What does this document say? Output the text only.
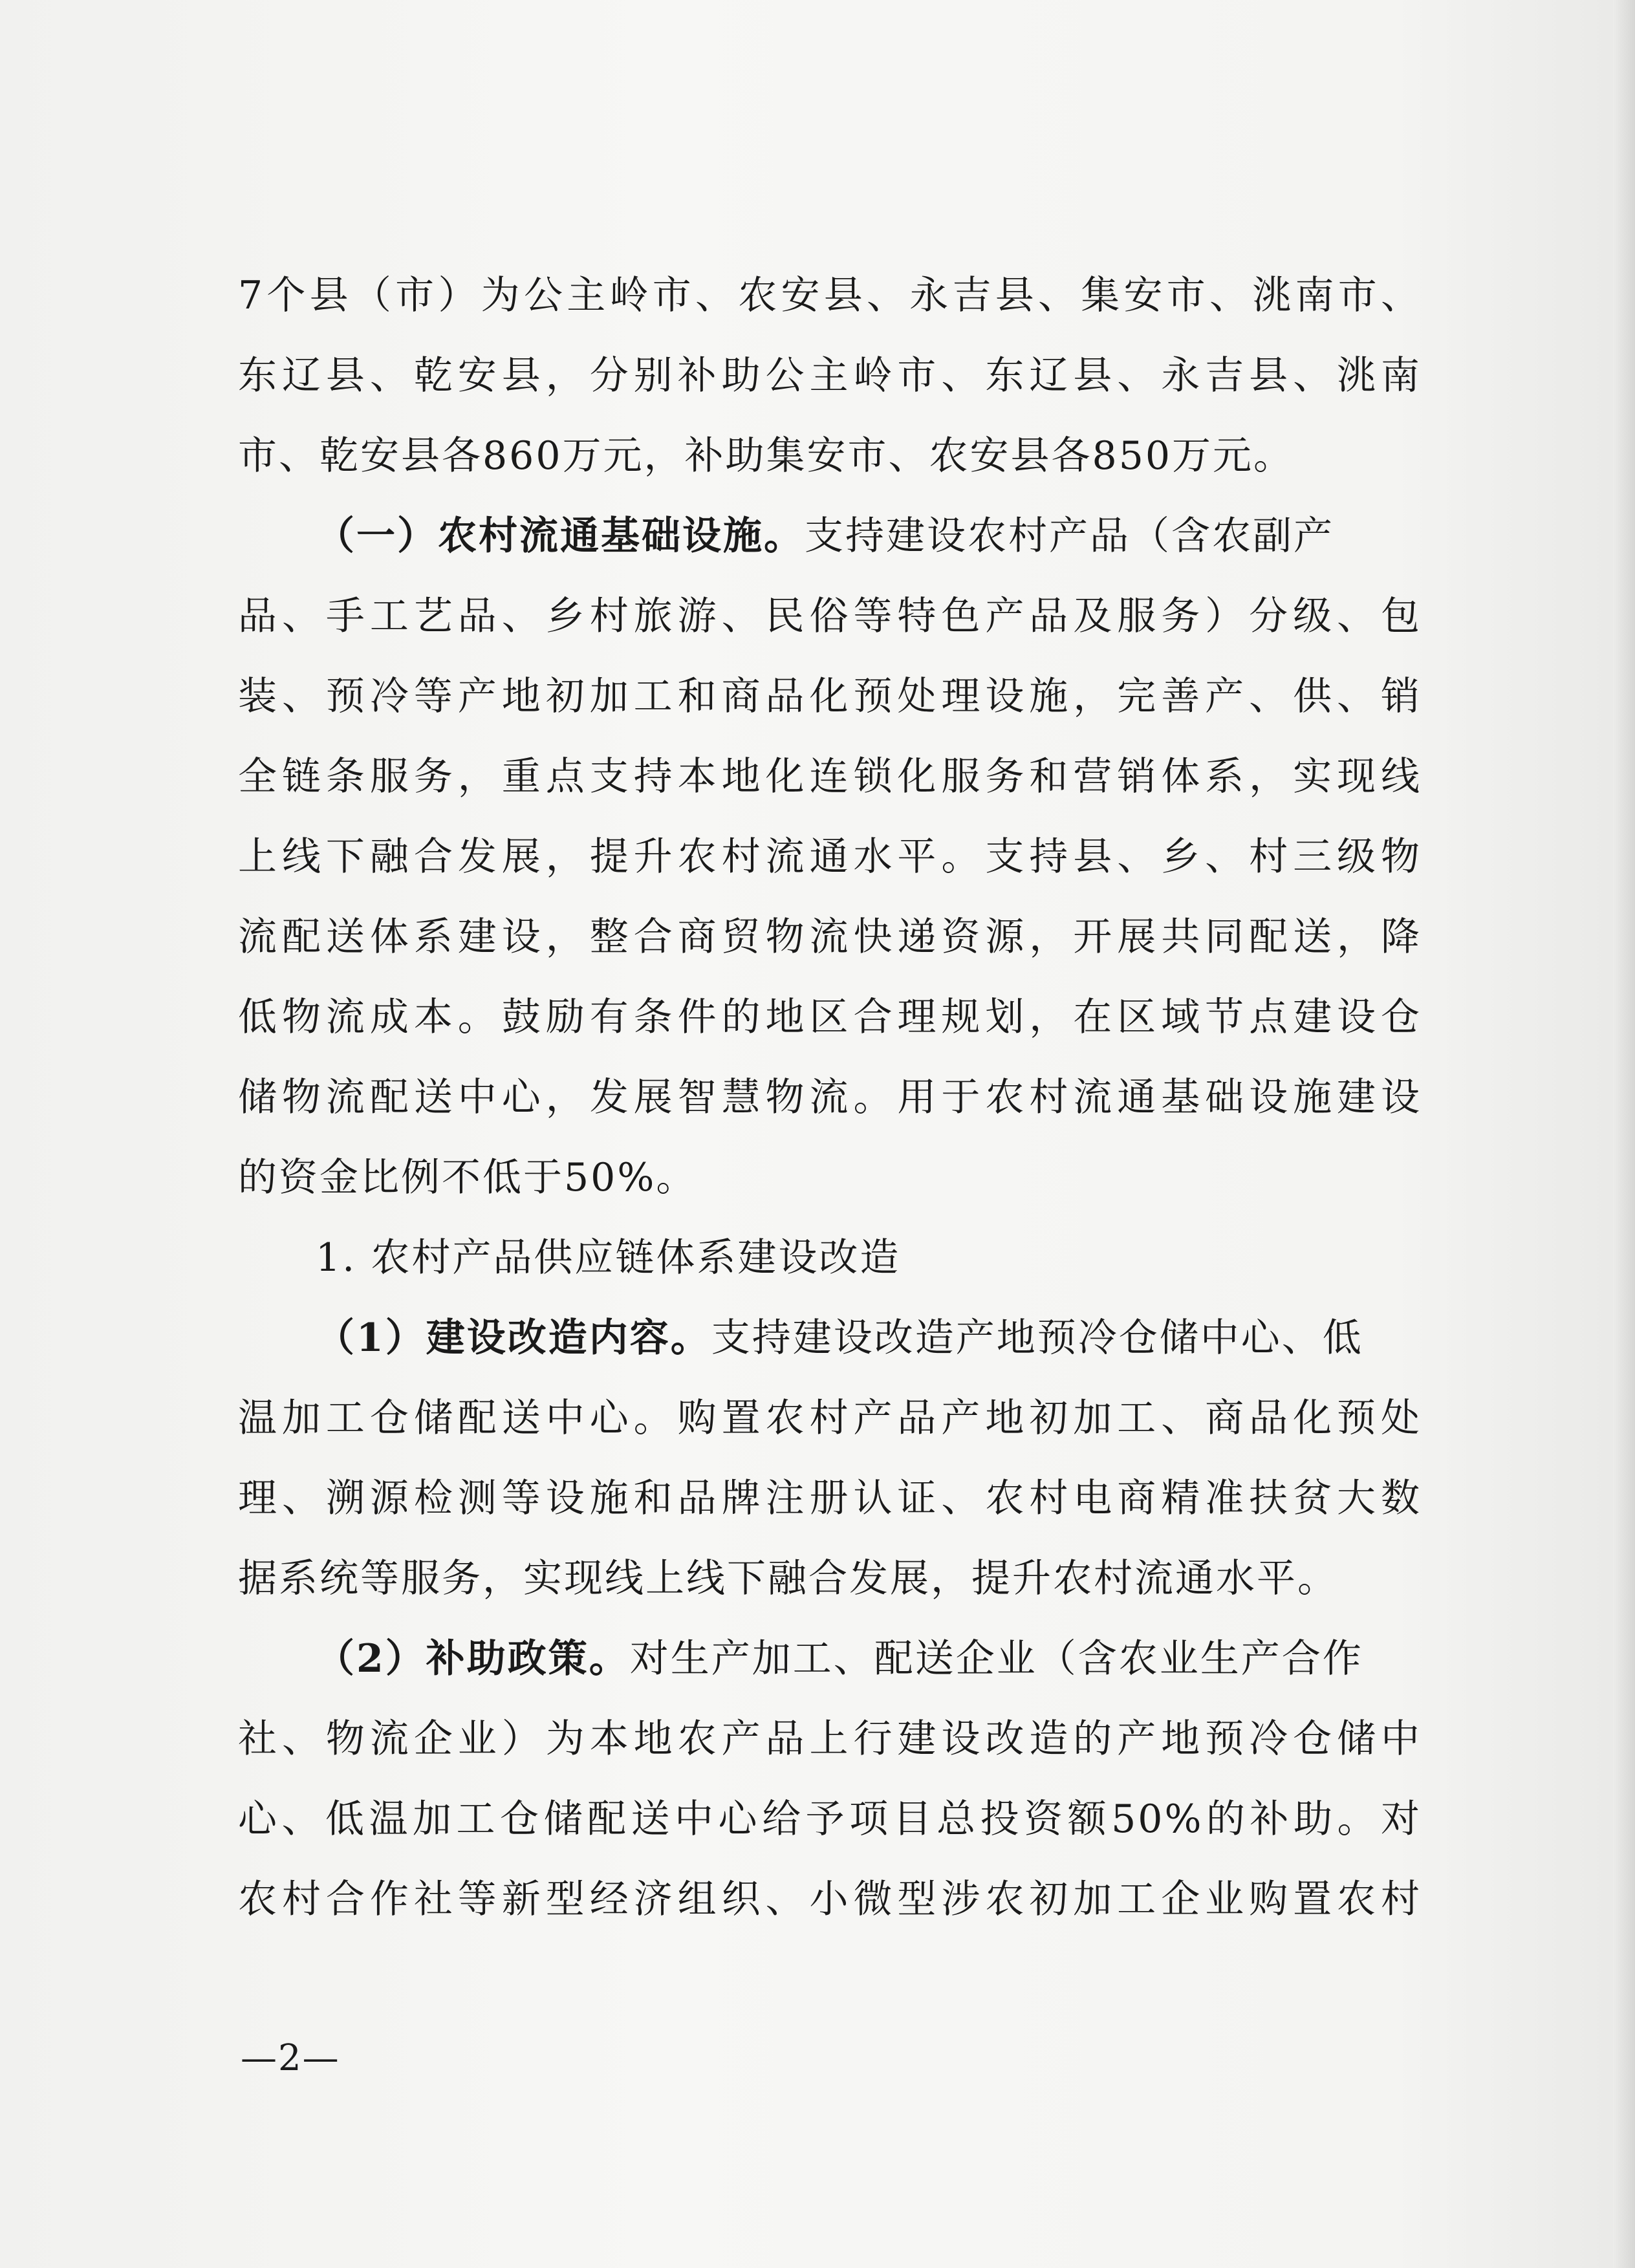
7个县（市）为公主岭市、农安县、永吉县、集安市、洮南市、
东辽县、乾安县，分别补助公主岭市、东辽县、永吉县、洮南
市、乾安县各860万元，补助集安市、农安县各850万元。
（一）农村流通基础设施。支持建设农村产品（含农副产
品、手工艺品、乡村旅游、民俗等特色产品及服务）分级、包
装、预冷等产地初加工和商品化预处理设施，完善产、供、销
全链条服务，重点支持本地化连锁化服务和营销体系，实现线
上线下融合发展，提升农村流通水平。支持县、乡、村三级物
流配送体系建设，整合商贸物流快递资源，开展共同配送，降
低物流成本。鼓励有条件的地区合理规划，在区域节点建设仓
储物流配送中心，发展智慧物流。用于农村流通基础设施建设
的资金比例不低于50%。
1. 农村产品供应链体系建设改造
（1）建设改造内容。支持建设改造产地预冷仓储中心、低
温加工仓储配送中心。购置农村产品产地初加工、商品化预处
理、溯源检测等设施和品牌注册认证、农村电商精准扶贫大数
据系统等服务，实现线上线下融合发展，提升农村流通水平。
（2）补助政策。对生产加工、配送企业（含农业生产合作
社、物流企业）为本地农产品上行建设改造的产地预冷仓储中
心、低温加工仓储配送中心给予项目总投资额50%的补助。对
农村合作社等新型经济组织、小微型涉农初加工企业购置农村
—2—
